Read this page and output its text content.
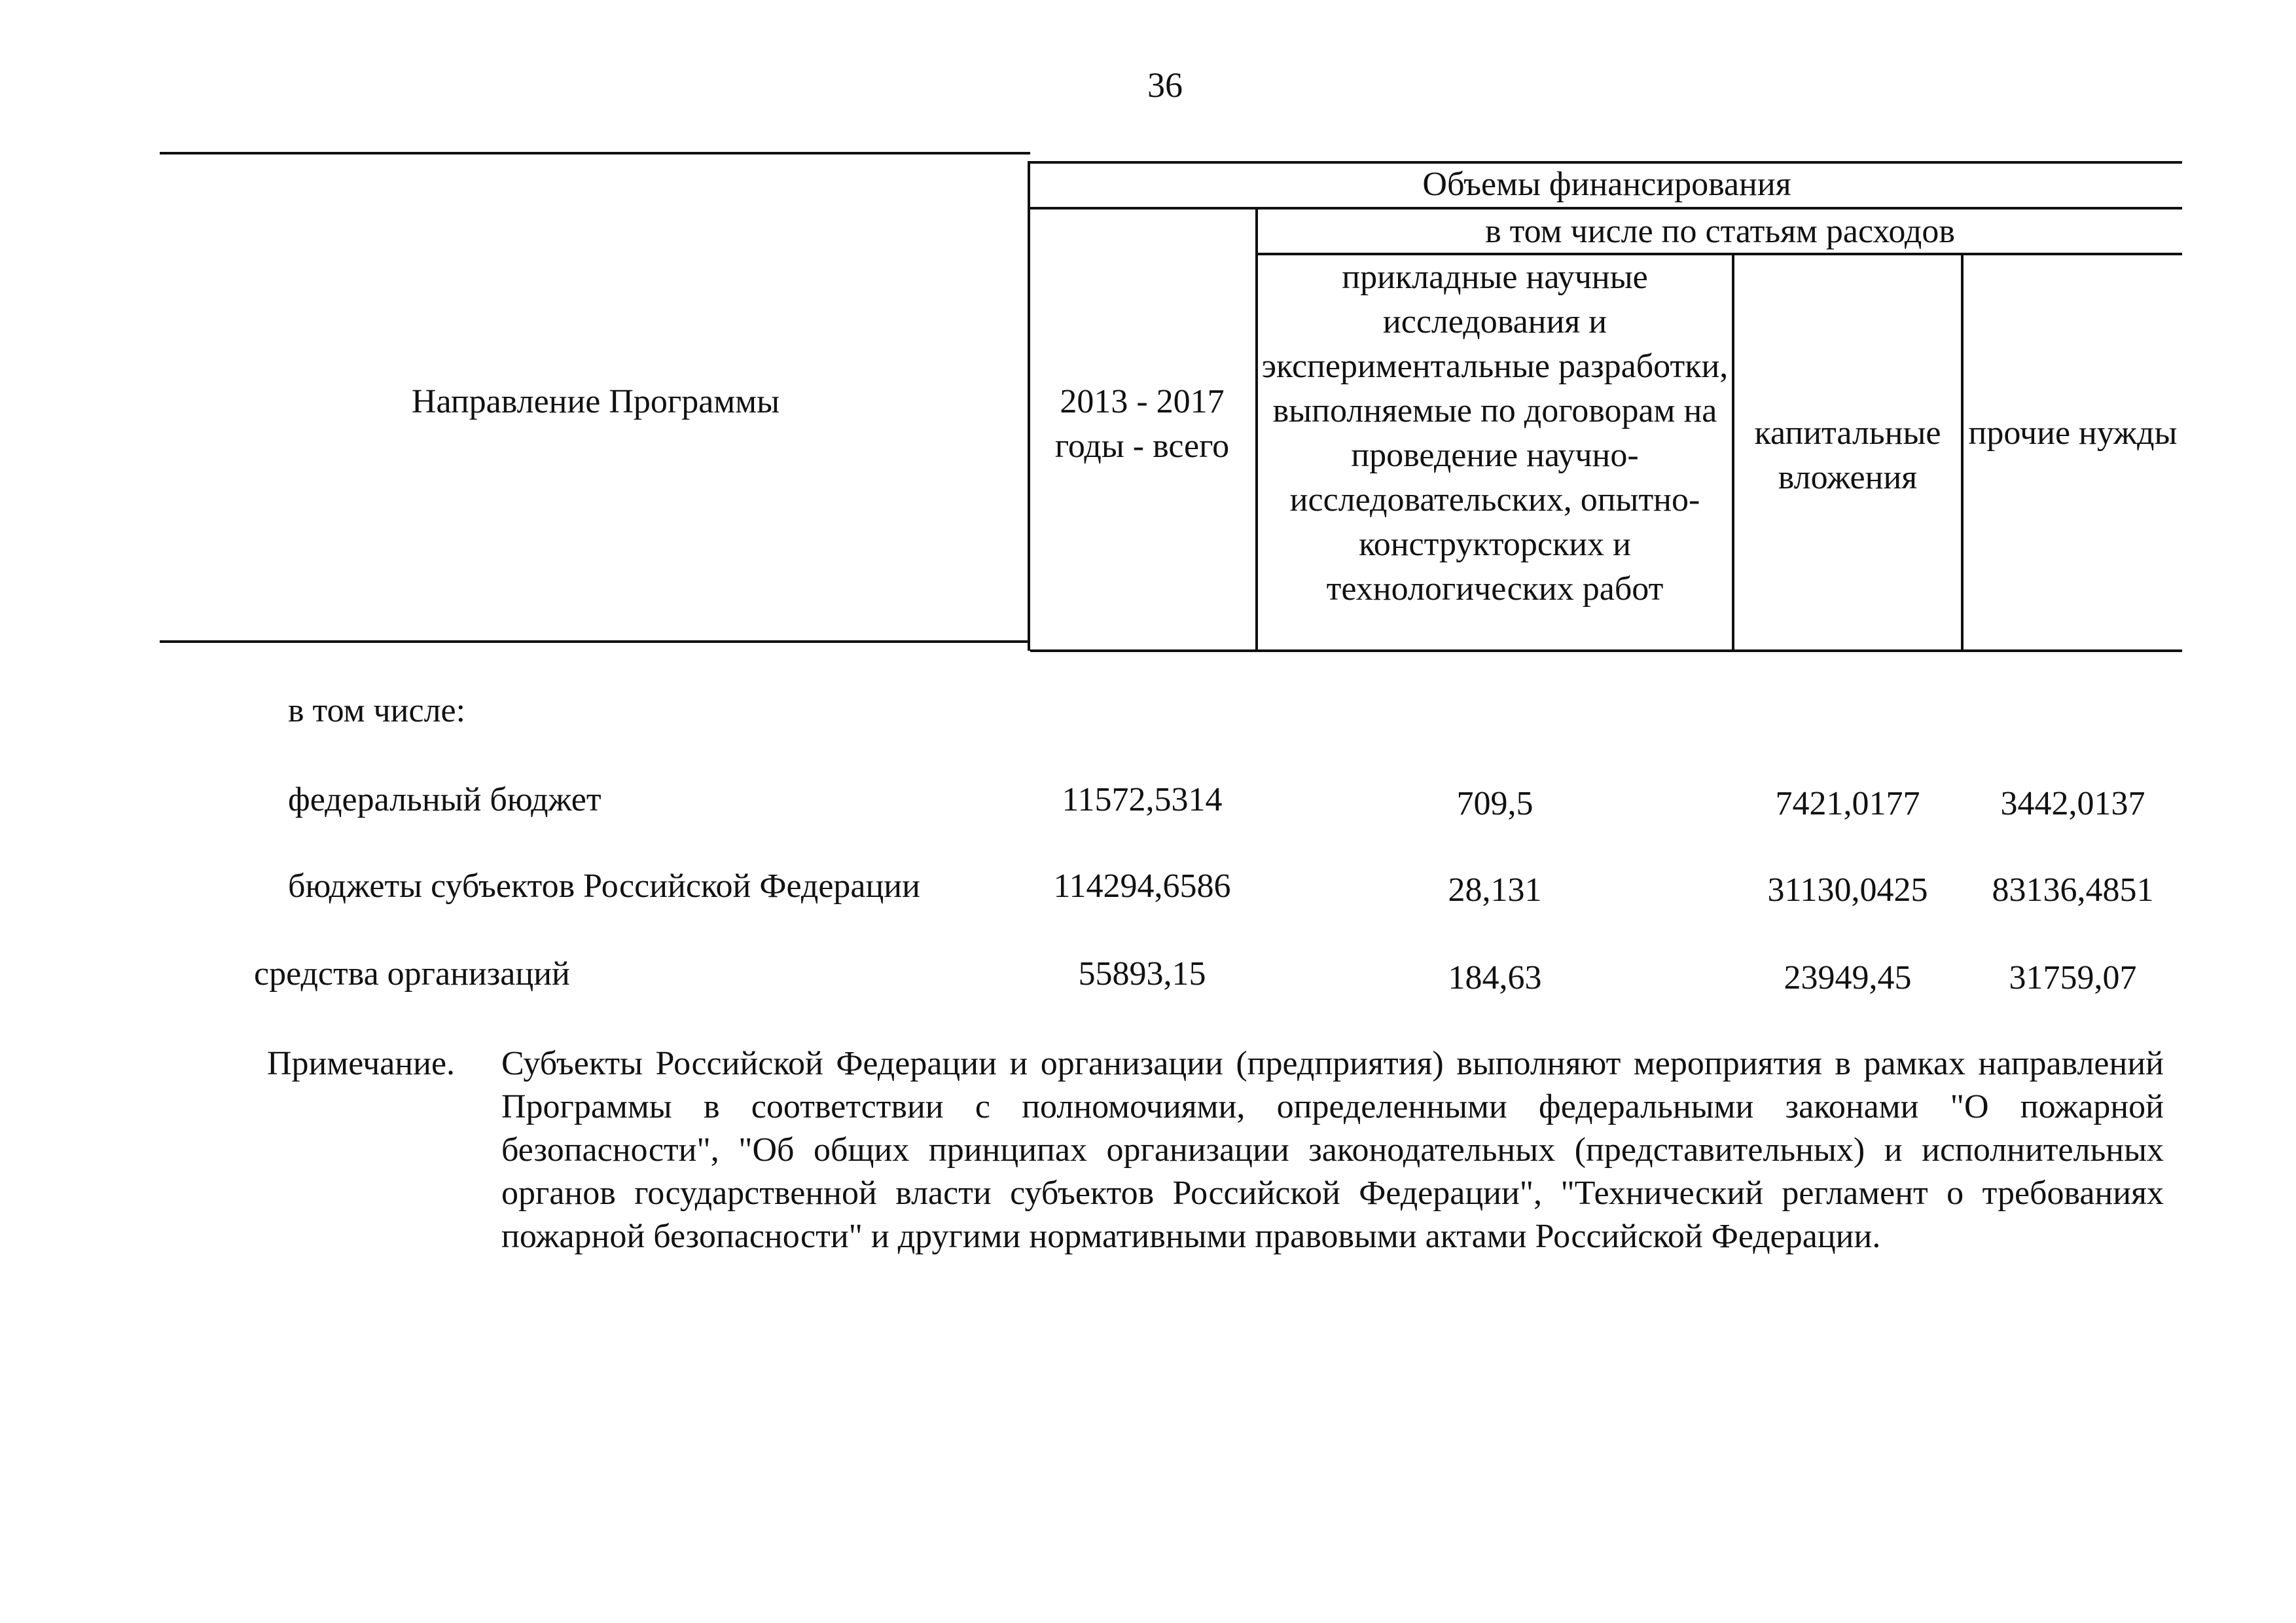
36
Направление Программы
Объемы финансирования
2013 - 2017 годы - всего
в том числе по статьям расходов
прикладные научные исследования и экспериментальные разработки, выполняемые по договорам на проведение научно-исследовательских, опытно-конструкторских и технологических работ
капитальные вложения
прочие нужды
в том числе:
федеральный бюджет	11572,5314	709,5	7421,0177	3442,0137
бюджеты субъектов Российской Федерации	114294,6586	28,131	31130,0425	83136,4851
средства организаций	55893,15	184,63	23949,45	31759,07
Примечание. Субъекты Российской Федерации и организации (предприятия) выполняют мероприятия в рамках направлений Программы в соответствии с полномочиями, определенными федеральными законами "О пожарной безопасности", "Об общих принципах организации законодательных (представительных) и исполнительных органов государственной власти субъектов Российской Федерации", "Технический регламент о требованиях пожарной безопасности" и другими нормативными правовыми актами Российской Федерации.
